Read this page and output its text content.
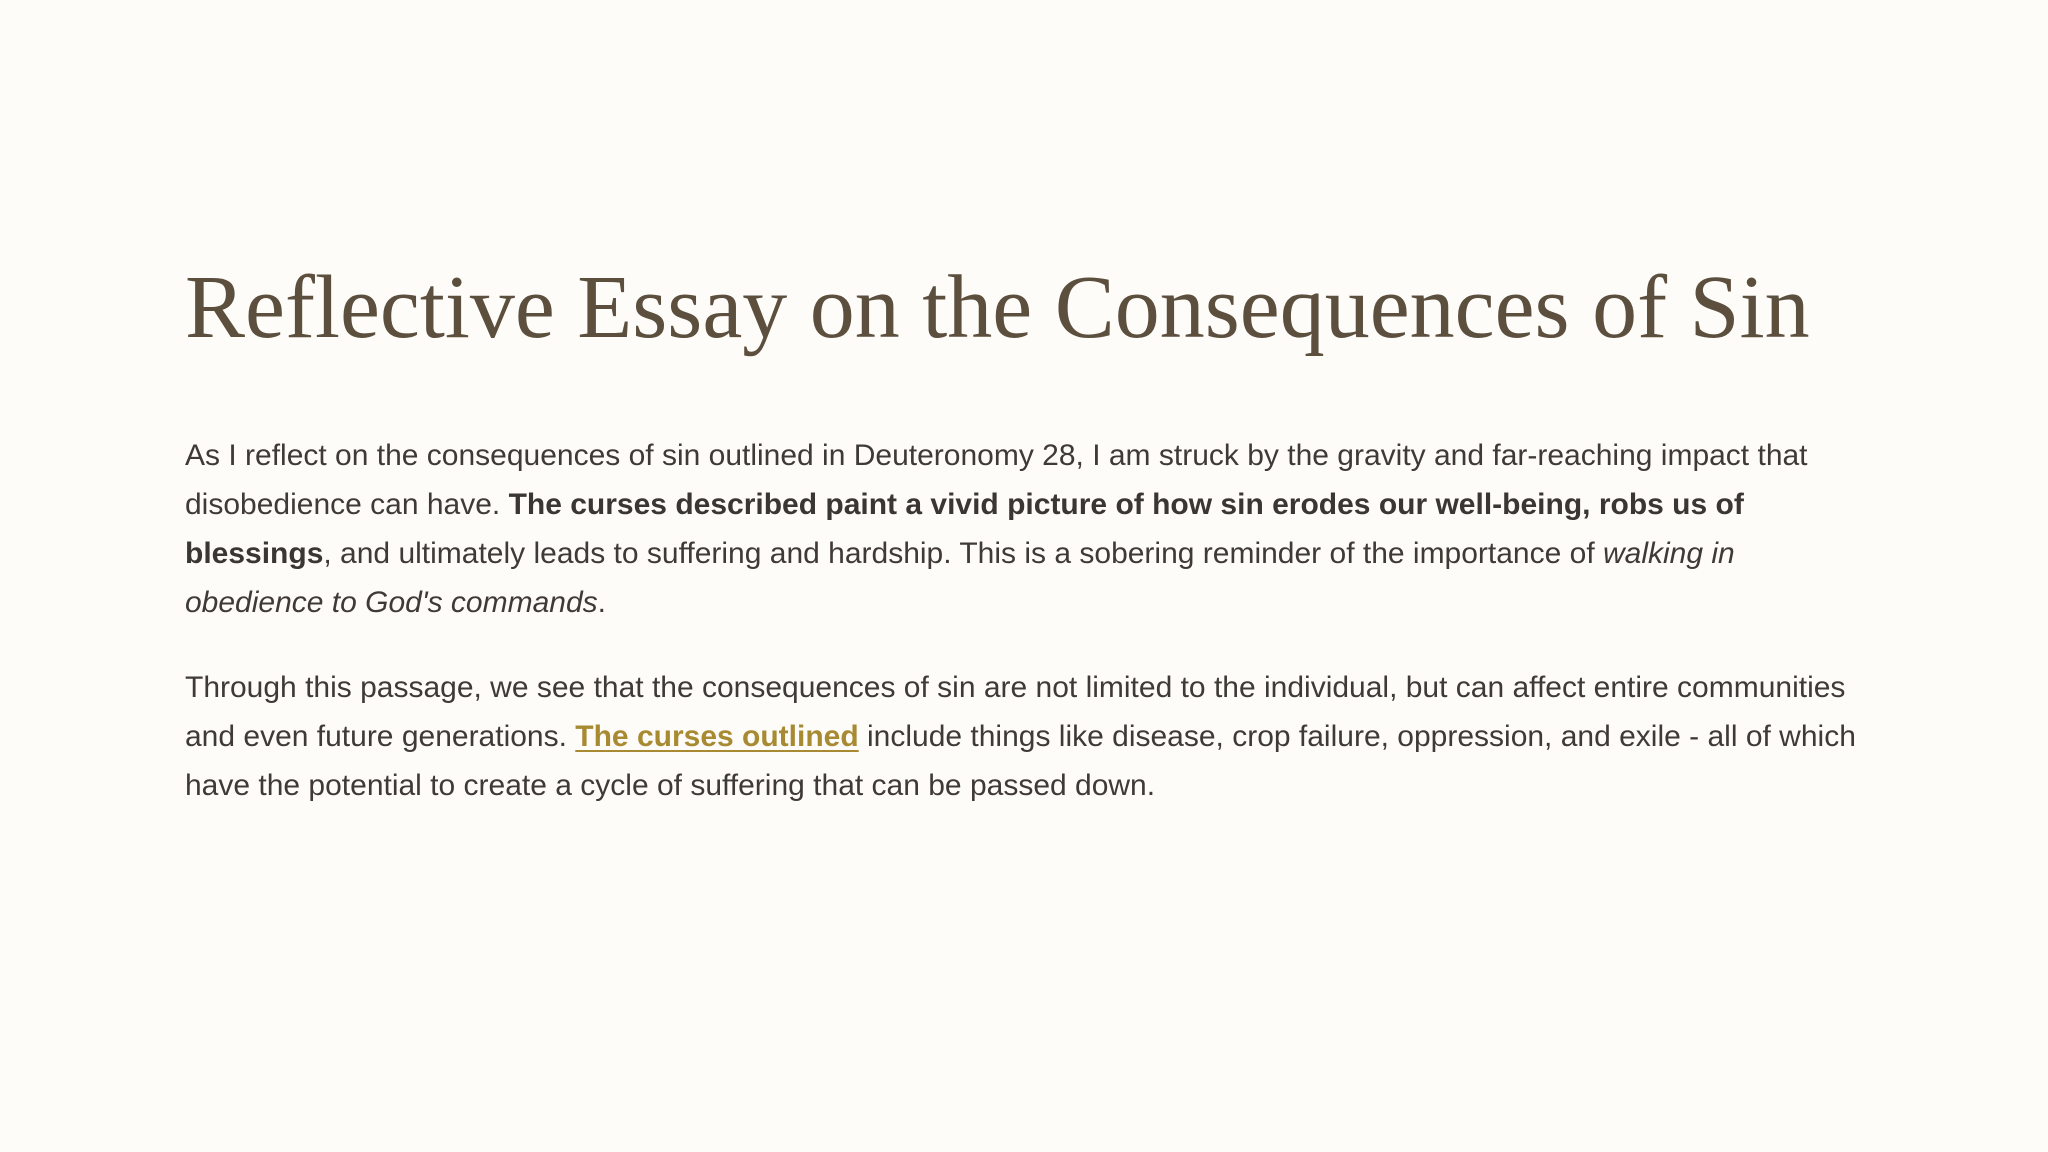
Reflective Essay on the Consequences of Sin

As I reflect on the consequences of sin outlined in Deuteronomy 28, I am struck by the gravity and far-reaching impact that disobedience can have. The curses described paint a vivid picture of how sin erodes our well-being, robs us of blessings, and ultimately leads to suffering and hardship. This is a sobering reminder of the importance of walking in obedience to God's commands.

Through this passage, we see that the consequences of sin are not limited to the individual, but can affect entire communities and even future generations. The curses outlined include things like disease, crop failure, oppression, and exile - all of which have the potential to create a cycle of suffering that can be passed down.
